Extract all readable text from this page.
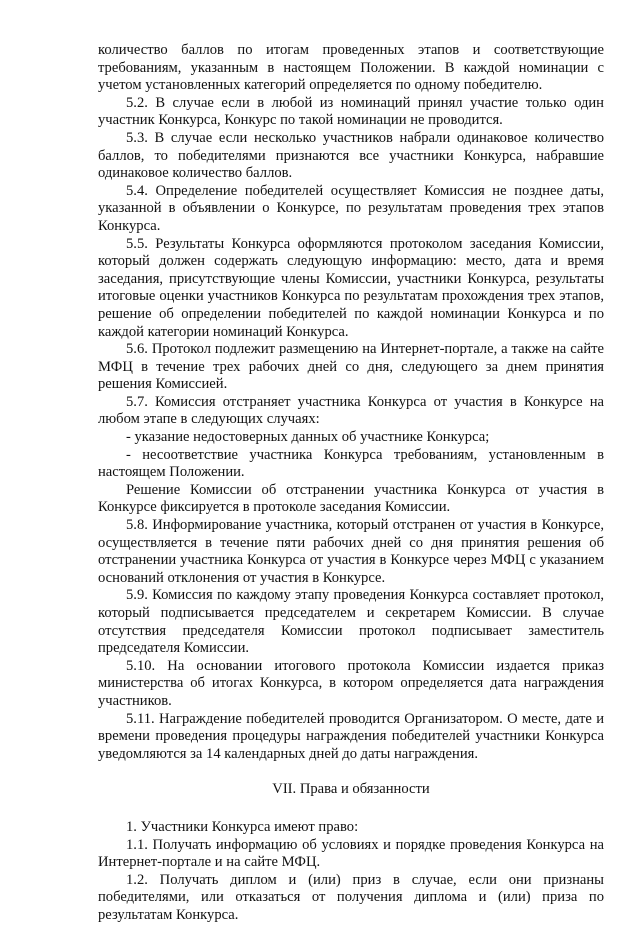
количество баллов по итогам проведенных этапов и соответствующие требованиям, указанным в настоящем Положении. В каждой номинации с учетом установленных категорий определяется по одному победителю.

5.2. В случае если в любой из номинаций принял участие только один участник Конкурса, Конкурс по такой номинации не проводится.

5.3. В случае если несколько участников набрали одинаковое количество баллов, то победителями признаются все участники Конкурса, набравшие одинаковое количество баллов.

5.4. Определение победителей осуществляет Комиссия не позднее даты, указанной в объявлении о Конкурсе, по результатам проведения трех этапов Конкурса.

5.5. Результаты Конкурса оформляются протоколом заседания Комиссии, который должен содержать следующую информацию: место, дата и время заседания, присутствующие члены Комиссии, участники Конкурса, результаты итоговые оценки участников Конкурса по результатам прохождения трех этапов, решение об определении победителей по каждой номинации Конкурса и по каждой категории номинаций Конкурса.

5.6. Протокол подлежит размещению на Интернет-портале, а также на сайте МФЦ в течение трех рабочих дней со дня, следующего за днем принятия решения Комиссией.

5.7. Комиссия отстраняет участника Конкурса от участия в Конкурсе на любом этапе в следующих случаях:

- указание недостоверных данных об участнике Конкурса;

- несоответствие участника Конкурса требованиям, установленным в настоящем Положении.

Решение Комиссии об отстранении участника Конкурса от участия в Конкурсе фиксируется в протоколе заседания Комиссии.

5.8. Информирование участника, который отстранен от участия в Конкурсе, осуществляется в течение пяти рабочих дней со дня принятия решения об отстранении участника Конкурса от участия в Конкурсе через МФЦ с указанием оснований отклонения от участия в Конкурсе.

5.9. Комиссия по каждому этапу проведения Конкурса составляет протокол, который подписывается председателем и секретарем Комиссии. В случае отсутствия председателя Комиссии протокол подписывает заместитель председателя Комиссии.

5.10. На основании итогового протокола Комиссии издается приказ министерства об итогах Конкурса, в котором определяется дата награждения участников.

5.11. Награждение победителей проводится Организатором. О месте, дате и времени проведения процедуры награждения победителей участники Конкурса уведомляются за 14 календарных дней до даты награждения.

VII. Права и обязанности

1. Участники Конкурса имеют право:

1.1. Получать информацию об условиях и порядке проведения Конкурса на Интернет-портале и на сайте МФЦ.

1.2. Получать диплом и (или) приз в случае, если они признаны победителями, или отказаться от получения диплома и (или) приза по результатам Конкурса.
